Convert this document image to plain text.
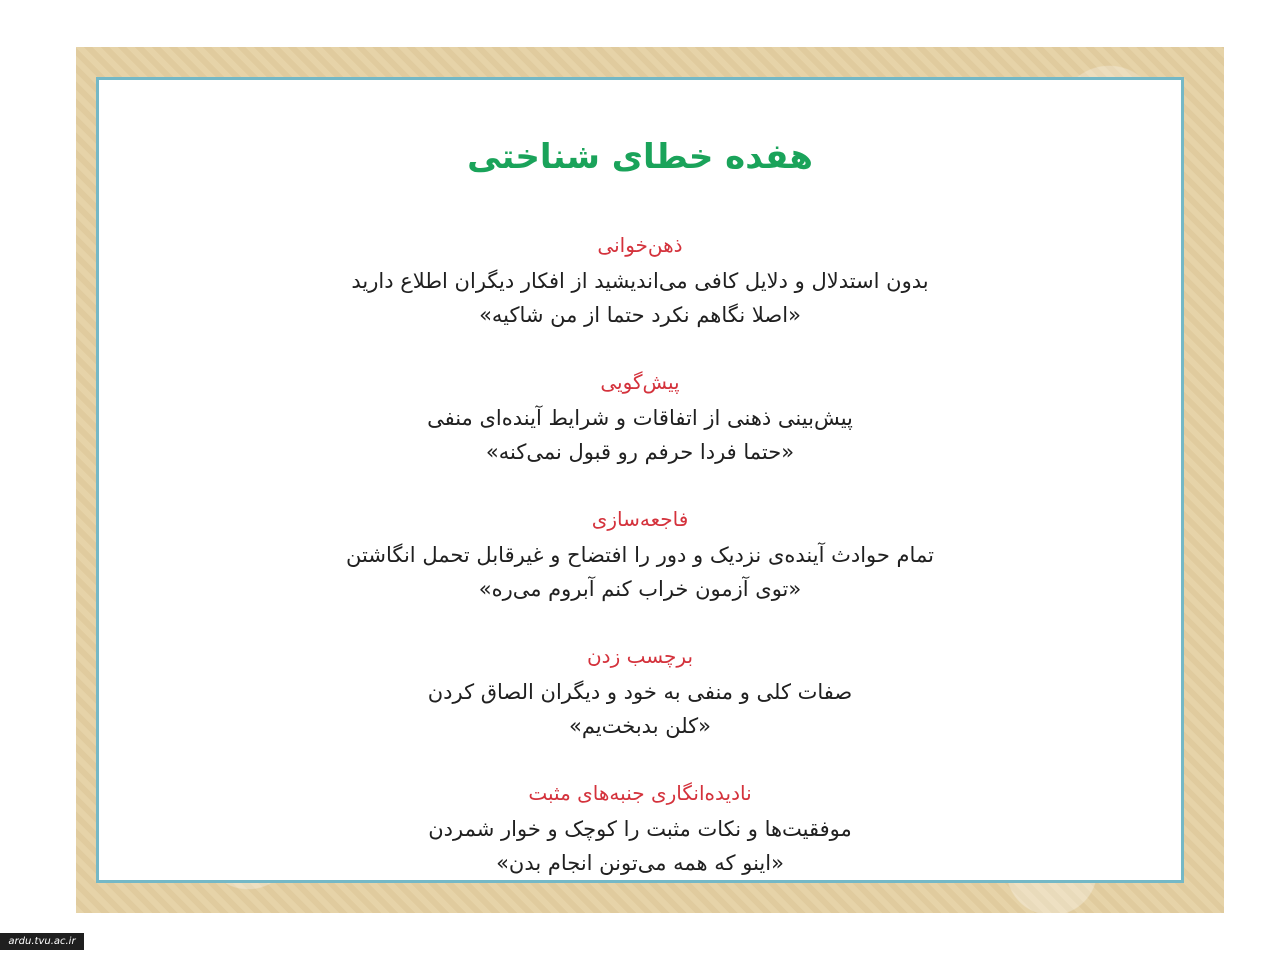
هفده خطای شناختی
ذهن‌خوانی
بدون استدلال و دلایل کافی می‌اندیشید از افکار دیگران اطلاع دارید
«اصلا نگاهم نکرد حتما از من شاکیه»
پیش‌گویی
پیش‌بینی ذهنی از اتفاقات و شرایط آینده‌ای منفی
«حتما فردا حرفم رو قبول نمی‌کنه»
فاجعه‌سازی
تمام حوادث آینده‌ی نزدیک و دور را افتضاح و غیرقابل تحمل انگاشتن
«توی آزمون خراب کنم آبروم می‌ره»
برچسب زدن
صفات کلی و منفی به خود و دیگران الصاق کردن
«کلن بدبخت‌یم»
نادیده‌انگاری جنبه‌های مثبت
موفقیت‌ها و نکات مثبت را کوچک و خوار شمردن
«اینو که همه می‌تونن انجام بدن»
ardu.tvu.ac.ir
